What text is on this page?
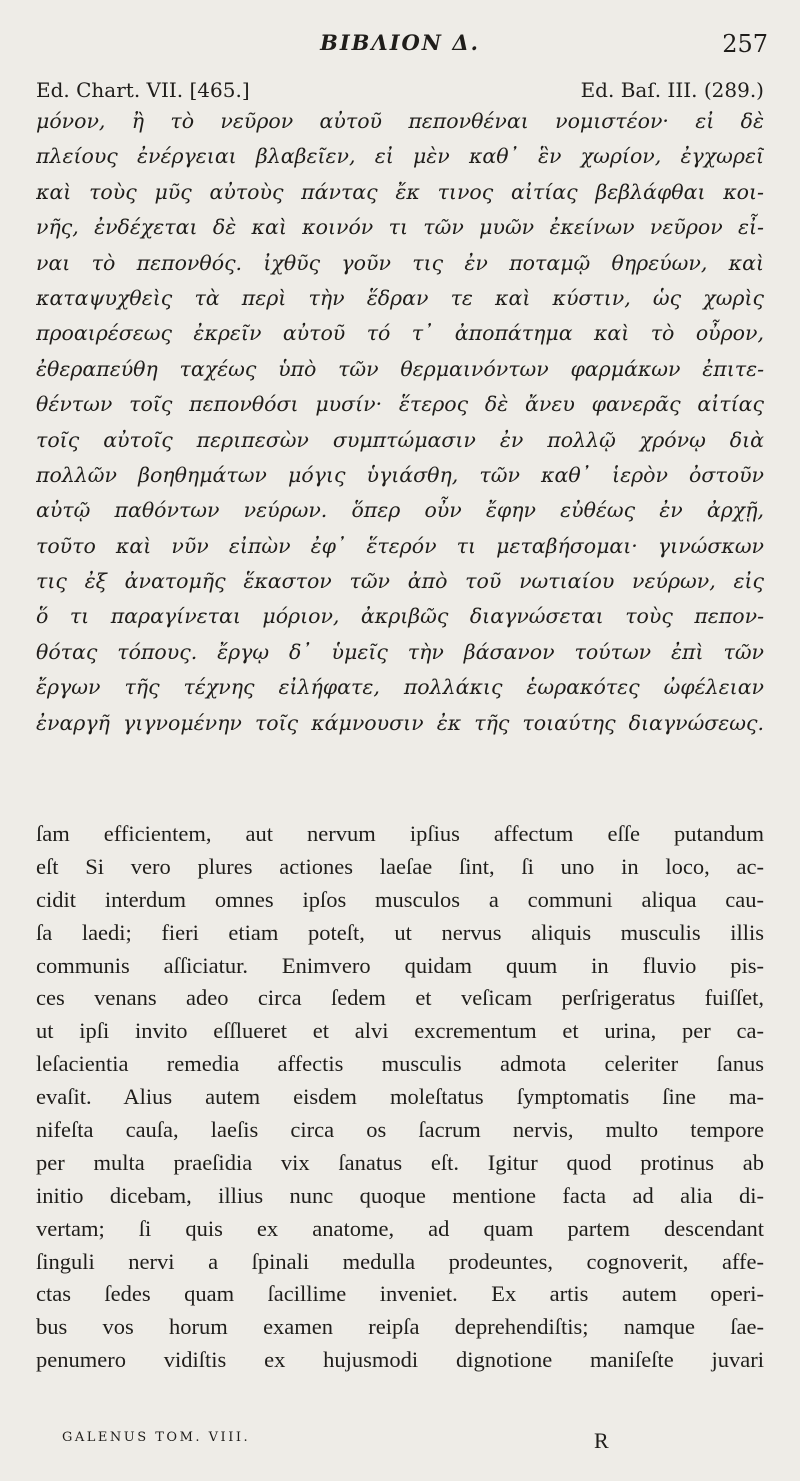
ΒΙΒΛΙΟΝ Δ.	257
Ed. Chart. VII. [465.]	Ed. Baſ. III. (289.)
μόνον, ἢ τὸ νεῦρον αὐτοῦ πεπονθέναι νομιστέον· εἰ δὲ
πλείους ἐνέργειαι βλαβεῖεν, εἰ μὲν καθ᾽ ἓν χωρίον, ἐγχωρεῖ
καὶ τοὺς μῦς αὐτοὺς πάντας ἔκ τινος αἰτίας βεβλάφθαι κοι-
νῆς, ἐνδέχεται δὲ καὶ κοινόν τι τῶν μυῶν ἐκείνων νεῦρον εἶ-
ναι τὸ πεπονθός. ἰχθῦς γοῦν τις ἐν ποταμῷ θηρεύων, καὶ
καταψυχθεὶς τὰ περὶ τὴν ἕδραν τε καὶ κύστιν, ὡς χωρὶς
προαιρέσεως ἐκρεῖν αὐτοῦ τό τ᾽ ἀποπάτημα καὶ τὸ οὖρον,
ἐθεραπεύθη ταχέως ὑπὸ τῶν θερμαινόντων φαρμάκων ἐπιτε-
θέντων τοῖς πεπονθόσι μυσίν· ἕτερος δὲ ἄνευ φανερᾶς αἰτίας
τοῖς αὐτοῖς περιπεσὼν συμπτώμασιν ἐν πολλῷ χρόνῳ διὰ
πολλῶν βοηθημάτων μόγις ὑγιάσθη, τῶν καθ᾽ ἱερὸν ὀστοῦν
αὐτῷ παθόντων νεύρων. ὅπερ οὖν ἔφην εὐθέως ἐν ἀρχῇ,
τοῦτο καὶ νῦν εἰπὼν ἐφ᾽ ἕτερόν τι μεταβήσομαι· γινώσκων
τις ἐξ ἀνατομῆς ἕκαστον τῶν ἀπὸ τοῦ νωτιαίου νεύρων, εἰς
ὅ τι παραγίνεται μόριον, ἀκριβῶς διαγνώσεται τοὺς πεπον-
θότας τόπους. ἔργῳ δ᾽ ὑμεῖς τὴν βάσανον τούτων ἐπὶ τῶν
ἔργων τῆς τέχνης εἰλήφατε, πολλάκις ἑωρακότες ὠφέλειαν
ἐναργῆ γιγνομένην τοῖς κάμνουσιν ἐκ τῆς τοιαύτης διαγνώσεως.
ſam efficientem, aut nervum ipſius affectum eſſe putandum
eſt Si vero plures actiones laeſae ſint, ſi uno in loco, ac-
cidit interdum omnes ipſos musculos a communi aliqua cau-
ſa laedi; fieri etiam poteſt, ut nervus aliquis musculis illis
communis aſſiciatur. Enimvero quidam quum in fluvio pis-
ces venans adeo circa ſedem et veſicam perſrigeratus fuiſſet,
ut ipſi invito eſſlueret et alvi excrementum et urina, per ca-
leſacientia remedia affectis musculis admota celeriter ſanus
evaſit. Alius autem eisdem moleſtatus ſymptomatis ſine ma-
nifeſta cauſa, laeſis circa os ſacrum nervis, multo tempore
per multa praeſidia vix ſanatus eſt. Igitur quod protinus ab
initio dicebam, illius nunc quoque mentione facta ad alia di-
vertam; ſi quis ex anatome, ad quam partem descendant
ſinguli nervi a ſpinali medulla prodeuntes, cognoverit, affe-
ctas ſedes quam ſacillime inveniet. Ex artis autem operi-
bus vos horum examen reipſa deprehendiſtis; namque ſae-
penumero vidiſtis ex hujusmodi dignotione maniſeſte juvari
GALENUS TOM. VIII.	R
